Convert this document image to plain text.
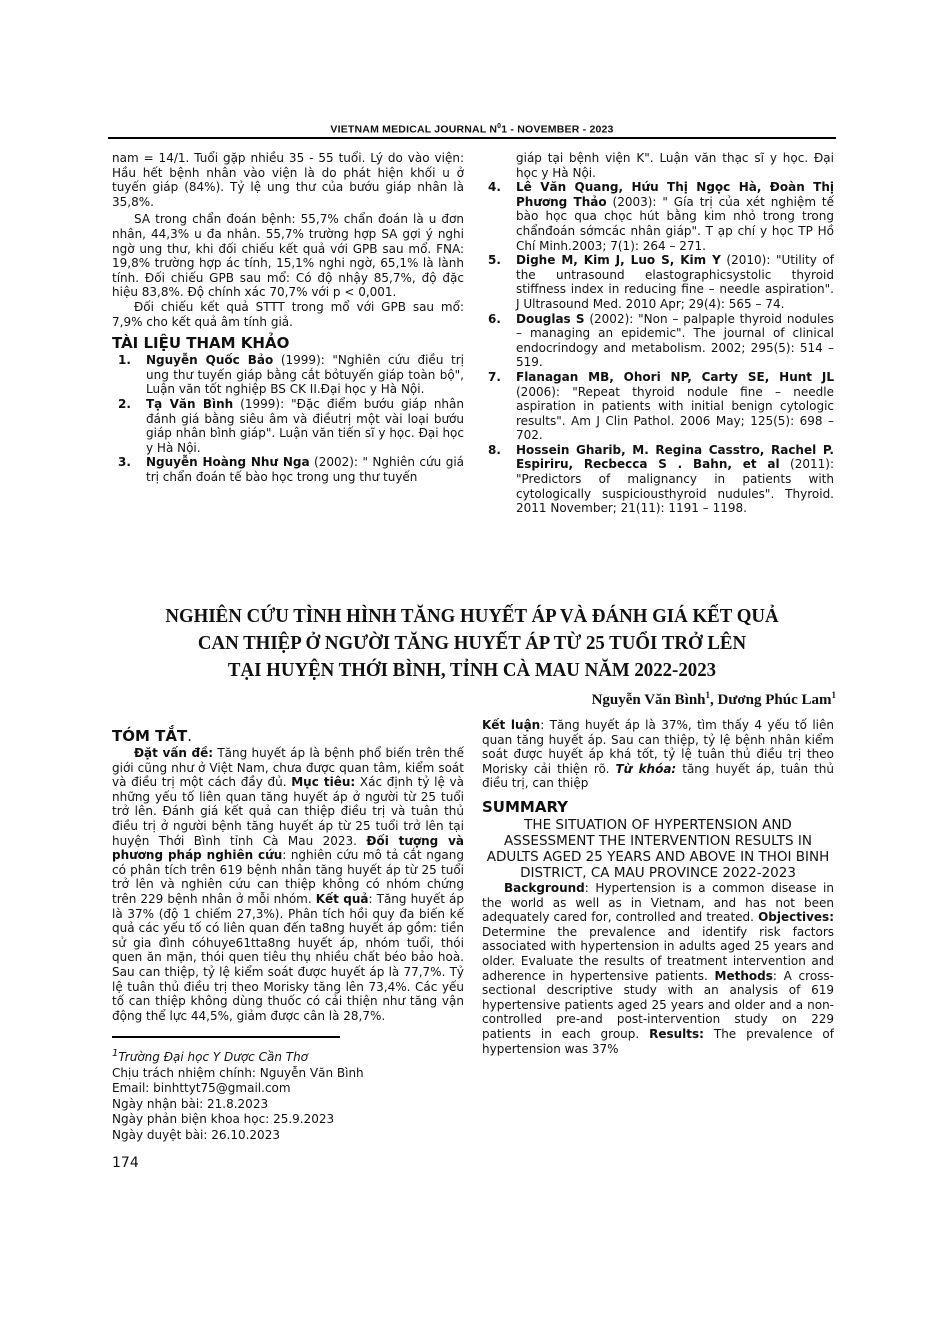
VIETNAM MEDICAL JOURNAL $N^01$ - NOVEMBER - 2023

nam = 14/1. Tuổi gặp nhiều 35 - 55 tuổi. Lý do vào viện: Hầu hết bệnh nhân vào viện là do phát hiện khối u ở tuyến giáp (84%). Tỷ lệ ung thư của bướu giáp nhân là 35,8%.

SA trong chẩn đoán bệnh: 55,7% chẩn đoán là u đơn nhân, 44,3% u đa nhân. 55,7% trường hợp SA gợi ý nghi ngờ ung thư, khi đối chiếu kết quả với GPB sau mổ. FNA: 19,8% trường hợp ác tính, 15,1% nghi ngờ, 65,1% là lành tính. Đối chiếu GPB sau mổ: Có độ nhậy 85,7%, độ đặc hiệu 83,8%. Độ chính xác 70,7% với p < 0,001.

Đối chiếu kết quả STTT trong mổ với GPB sau mổ: 7,9% cho kết quả âm tính giả.

TÀI LIỆU THAM KHẢO
1.	Nguyễn Quốc Bảo (1999): "Nghiên cứu điều trị ung thư tuyến giáp bằng cắt bỏtuyến giáp toàn bộ", Luận văn tốt nghiệp BS CK II.Đại học y Hà Nội.
2.	Tạ Văn Bình (1999): "Đặc điểm bướu giáp nhân đánh giá bằng siêu âm và điềutrị một vài loại bướu giáp nhân bình giáp". Luận văn tiến sĩ y học. Đại học y Hà Nội.
3.	Nguyễn Hoàng Như Nga (2002): " Nghiên cứu giá trị chẩn đoán tế bào học trong ung thư tuyến
giáp tại bệnh viện K". Luận văn thạc sĩ y học. Đại học y Hà Nội.
4.	Lê Văn Quang, Hứu Thị Ngọc Hà, Đoàn Thị Phương Thảo (2003): " Gía trị của xét nghiệm tế bào học qua chọc hút bằng kim nhỏ trong trong chẩnđoán sớmcác nhân giáp". T ạp chí y học TP Hồ Chí Minh.2003; 7(1): 264 – 271.
5.	Dighe M, Kim J, Luo S, Kim Y (2010): "Utility of the untrasound elastographicsystolic thyroid stiffness index in reducing fine – needle aspiration". J Ultrasound Med. 2010 Apr; 29(4): 565 – 74.
6.	Douglas S (2002): "Non – palpaple thyroid nodules – managing an epidemic". The journal of clinical endocrindogy and metabolism. 2002; 295(5): 514 – 519.
7.	Flanagan MB, Ohori NP, Carty SE, Hunt JL (2006): "Repeat thyroid nodule fine – needle aspiration in patients with initial benign cytologic results". Am J Clin Pathol. 2006 May; 125(5): 698 – 702.
8.	Hossein Gharib, M. Regina Casstro, Rachel P. Espiriru, Recbecca S . Bahn, et al (2011): "Predictors of malignancy in patients with cytologically suspiciousthyroid nudules". Thyroid. 2011 November; 21(11): 1191 – 1198.
NGHIÊN CỨU TÌNH HÌNH TĂNG HUYẾT ÁP VÀ ĐÁNH GIÁ KẾT QUẢ
CAN THIỆP Ở NGƯỜI TĂNG HUYẾT ÁP TỪ 25 TUỔI TRỞ LÊN
TẠI HUYỆN THỚI BÌNH, TỈNH CÀ MAU NĂM 2022-2023
Nguyễn Văn Bình$^1$, Dương Phúc Lam$^1$
TÓM TẮT.

Đặt vấn đề: Tăng huyết áp là bệnh phổ biến trên thế giới cũng như ở Việt Nam, chưa được quan tâm, kiểm soát và điều trị một cách đầy đủ. Mục tiêu: Xác định tỷ lệ và những yếu tố liên quan tăng huyết áp ở người từ 25 tuổi trở lên. Đánh giá kết quả can thiệp điều trị và tuân thủ điều trị ở người bệnh tăng huyết áp từ 25 tuổi trở lên tại huyện Thới Bình tỉnh Cà Mau 2023. Đối tượng và phương pháp nghiên cứu: nghiên cứu mô tả cắt ngang có phân tích trên 619 bệnh nhân tăng huyết áp từ 25 tuổi trở lên và nghiên cứu can thiệp không có nhóm chứng trên 229 bệnh nhân ở mỗi nhóm. Kết quả: Tăng huyết áp là 37% (độ 1 chiếm 27,3%). Phân tích hồi quy đa biến kế quả các yếu tố có liên quan đến ta8ng huyết áp gồm: tiền sử gia đình cóhuye61tta8ng huyết áp, nhóm tuổi, thói quen ăn mặn, thói quen tiêu thụ nhiều chất béo bảo hoà. Sau can thiệp, tỷ lệ kiểm soát được huyết áp là 77,7%. Tỷ lệ tuân thủ điều trị theo Morisky tăng lên 73,4%. Các yếu tố can thiệp không dùng thuốc có cải thiện như tăng vận động thể lực 44,5%, giảm được cân là 28,7%.

$^1$Trường Đại học Y Dược Cần Thơ
Chịu trách nhiệm chính: Nguyễn Văn Bình
Email: binhttyt75@gmail.com
Ngày nhận bài: 21.8.2023
Ngày phản biện khoa học: 25.9.2023
Ngày duyệt bài: 26.10.2023
174

Kết luận: Tăng huyết áp là 37%, tìm thấy 4 yếu tố liên quan tăng huyết áp. Sau can thiệp, tỷ lệ bệnh nhân kiểm soát được huyết áp khá tốt, tỷ lệ tuân thủ điều trị theo Morisky cải thiện rõ. Từ khóa: tăng huyết áp, tuân thủ điều trị, can thiệp

SUMMARY

THE SITUATION OF HYPERTENSION AND ASSESSMENT THE INTERVENTION RESULTS IN ADULTS AGED 25 YEARS AND ABOVE IN THOI BINH DISTRICT, CA MAU PROVINCE 2022-2023

Background: Hypertension is a common disease in the world as well as in Vietnam, and has not been adequately cared for, controlled and treated. Objectives: Determine the prevalence and identify risk factors associated with hypertension in adults aged 25 years and older. Evaluate the results of treatment intervention and adherence in hypertensive patients. Methods: A cross-sectional descriptive study with an analysis of 619 hypertensive patients aged 25 years and older and a non-controlled pre-and post-intervention study on 229 patients in each group. Results: The prevalence of hypertension was 37%
